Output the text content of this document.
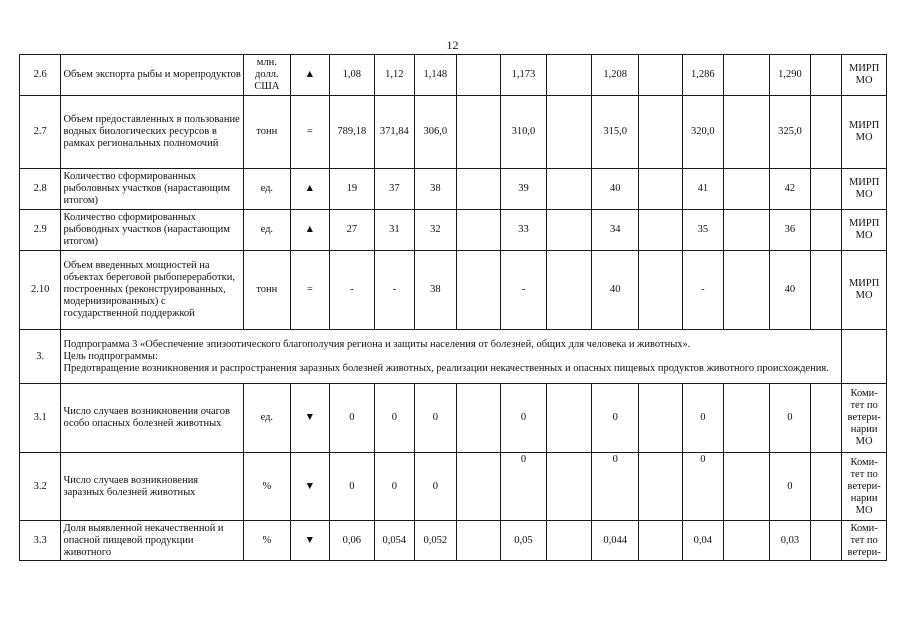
12
2.6	Объем экспорта рыбы и морепродуктов	млн. долл. США	▲	1,08	1,12	1,148		1,173		1,208		1,286		1,290		МИРП МО
2.7	Объем предоставленных в пользование водных биологических ресурсов в рамках региональных полномочий	тонн	=	789,18	371,84	306,0		310,0		315,0		320,0		325,0		МИРП МО
2.8	Количество сформированных рыболовных участков (нарастающим итогом)	ед.	▲	19	37	38		39		40		41		42		МИРП МО
2.9	Количество сформированных рыбоводных участков (нарастающим итогом)	ед.	▲	27	31	32		33		34		35		36		МИРП МО
2.10	Объем введенных мощностей на объектах береговой рыбопереработки, построенных (реконструированных, модернизированных) с государственной поддержкой	тонн	=	-	-	38		-		40		-		40		МИРП МО
3.	Подпрограмма 3 «Обеспечение эпизоотического благополучия региона и защиты населения от болезней, общих для человека и животных».
Цель подпрограммы:
Предотвращение возникновения и распространения заразных болезней животных, реализации некачественных и опасных пищевых продуктов животного происхождения.															

3.1	Число случаев возникновения очагов особо опасных болезней животных	ед.	▼	0	0	0		0		0		0		0		Коми- тет по ветери- нарии МО
3.2	Число случаев возникновения заразных болезней животных	%	▼	0	0	0		0		0		0		0		Коми- тет по ветери- нарии МО
3.3	Доля выявленной некачественной и опасной пищевой продукции животного	%	▼	0,06	0,054	0,052		0,05		0,044		0,04		0,03		Коми- тет по ветери-
